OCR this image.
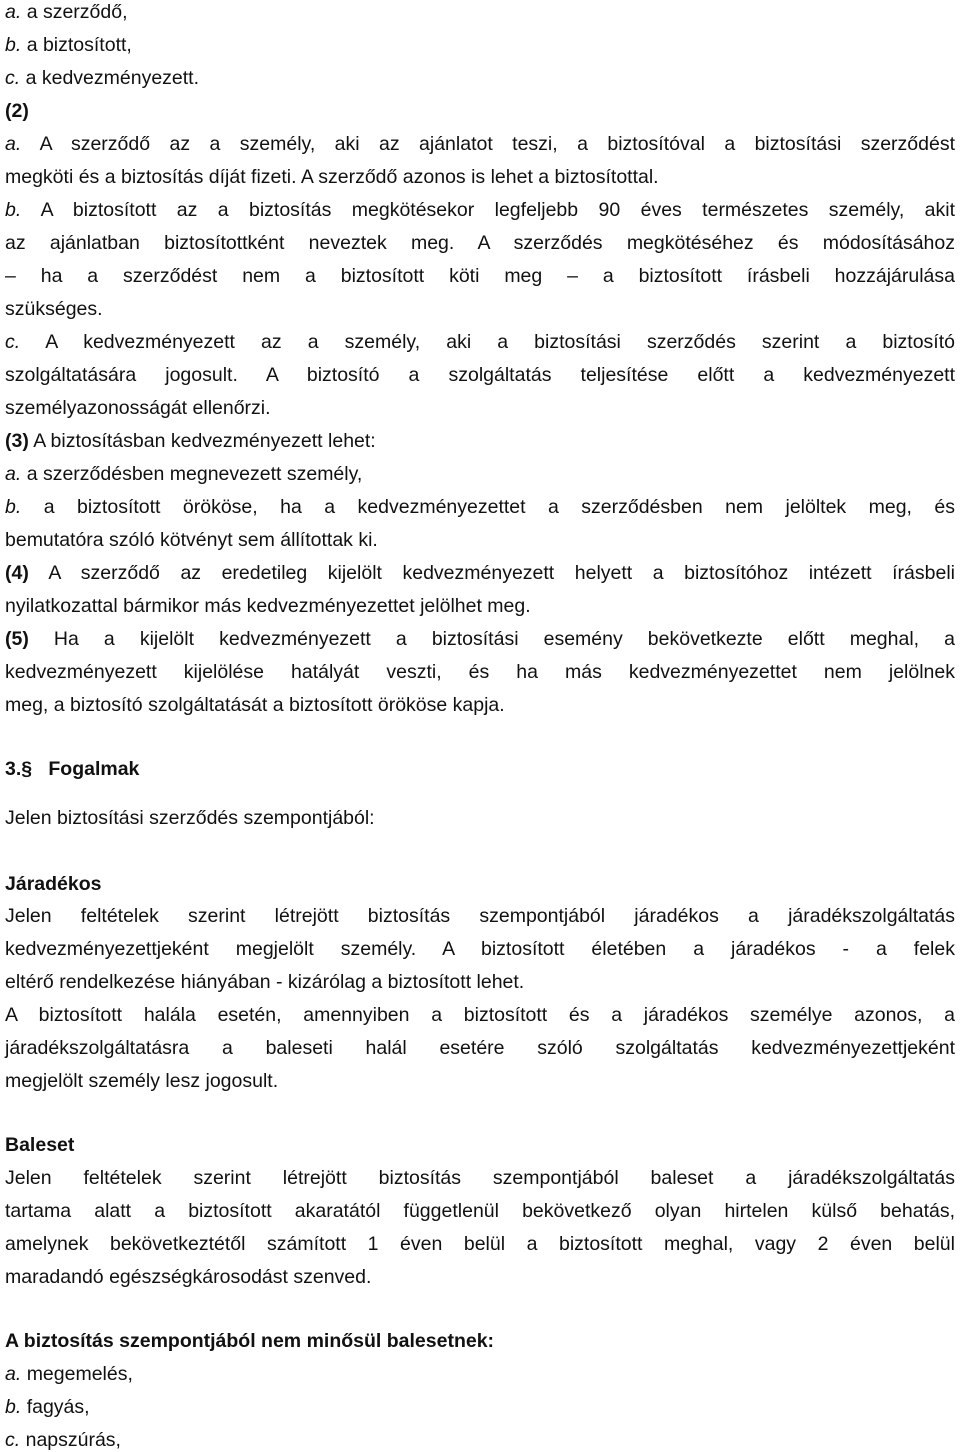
a. a szerződő,
b. a biztosított,
c. a kedvezményezett.
(2)
a. A szerződő az a személy, aki az ajánlatot teszi, a biztosítóval a biztosítási szerződést
megköti és a biztosítás díját fizeti. A szerződő azonos is lehet a biztosítottal.
b. A biztosított az a biztosítás megkötésekor legfeljebb 90 éves természetes személy, akit
az ajánlatban biztosítottként neveztek meg. A szerződés megkötéséhez és módosításához
– ha a szerződést nem a biztosított köti meg – a biztosított írásbeli hozzájárulása
szükséges.
c. A kedvezményezett az a személy, aki a biztosítási szerződés szerint a biztosító
szolgáltatására jogosult. A biztosító a szolgáltatás teljesítése előtt a kedvezményezett
személyazonosságát ellenőrzi.
(3) A biztosításban kedvezményezett lehet:
a. a szerződésben megnevezett személy,
b. a biztosított örököse, ha a kedvezményezettet a szerződésben nem jelöltek meg, és
bemutatóra szóló kötvényt sem állítottak ki.
(4) A szerződő az eredetileg kijelölt kedvezményezett helyett a biztosítóhoz intézett írásbeli
nyilatkozattal bármikor más kedvezményezettet jelölhet meg.
(5) Ha a kijelölt kedvezményezett a biztosítási esemény bekövetkezte előtt meghal, a
kedvezményezett kijelölése hatályát veszti, és ha más kedvezményezettet nem jelölnek
meg, a biztosító szolgáltatását a biztosított örököse kapja.
3.§ Fogalmak
Jelen biztosítási szerződés szempontjából:
Járadékos
Jelen feltételek szerint létrejött biztosítás szempontjából járadékos a járadékszolgáltatás
kedvezményezettjeként megjelölt személy. A biztosított életében a járadékos - a felek
eltérő rendelkezése hiányában - kizárólag a biztosított lehet.
A biztosított halála esetén, amennyiben a biztosított és a járadékos személye azonos, a
járadékszolgáltatásra a baleseti halál esetére szóló szolgáltatás kedvezményezettjeként
megjelölt személy lesz jogosult.
Baleset
Jelen feltételek szerint létrejött biztosítás szempontjából baleset a járadékszolgáltatás
tartama alatt a biztosított akaratától függetlenül bekövetkező olyan hirtelen külső behatás,
amelynek bekövetkeztétől számított 1 éven belül a biztosított meghal, vagy 2 éven belül
maradandó egészségkárosodást szenved.
A biztosítás szempontjából nem minősül balesetnek:
a. megemelés,
b. fagyás,
c. napszúrás,
